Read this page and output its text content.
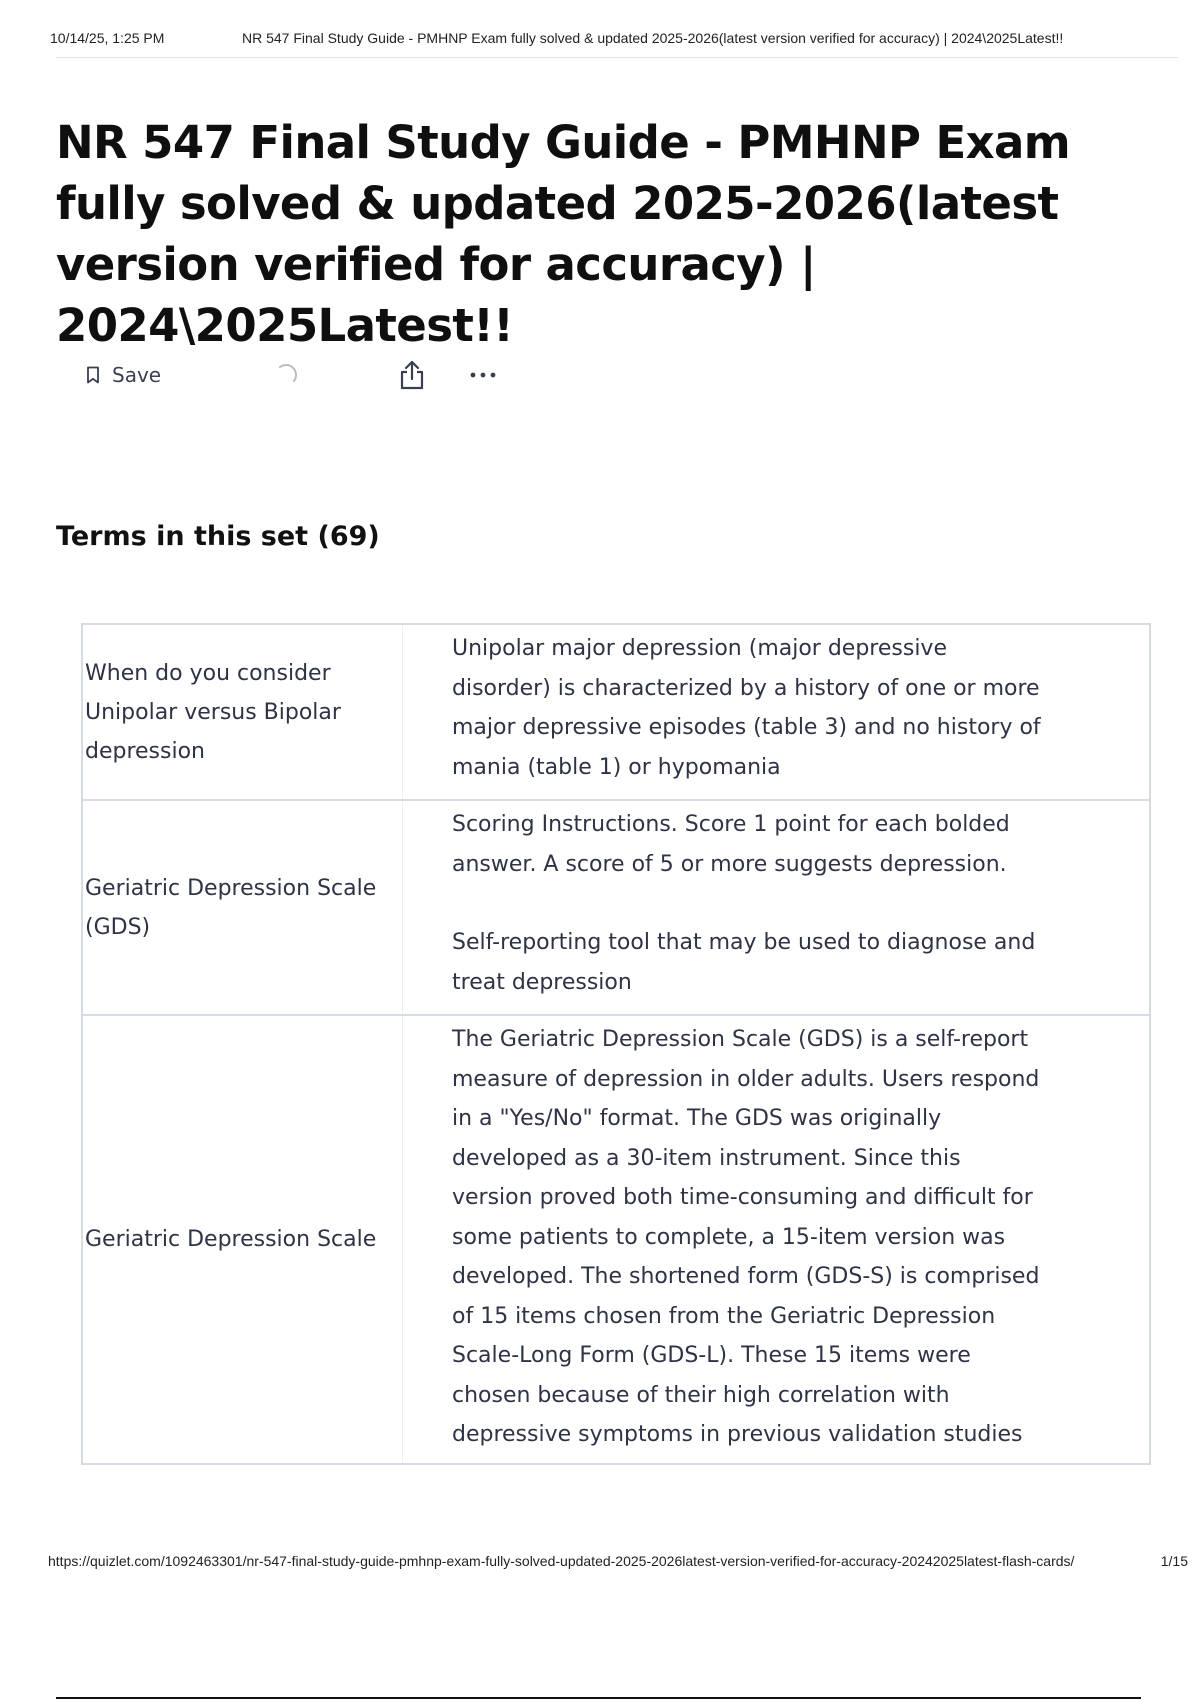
10/14/25, 1:25 PM	NR 547 Final Study Guide - PMHNP Exam fully solved & updated 2025-2026(latest version verified for accuracy) | 2024\2025Latest!!
NR 547 Final Study Guide - PMHNP Exam fully solved & updated 2025-2026(latest version verified for accuracy) | 2024\2025Latest!!
Save
Terms in this set (69)
When do you consider Unipolar versus Bipolar depression

Unipolar major depression (major depressive disorder) is characterized by a history of one or more major depressive episodes (table 3) and no history of mania (table 1) or hypomania

Geriatric Depression Scale (GDS)

Scoring Instructions. Score 1 point for each bolded answer. A score of 5 or more suggests depression.

Self-reporting tool that may be used to diagnose and treat depression

Geriatric Depression Scale

The Geriatric Depression Scale (GDS) is a self-report measure of depression in older adults. Users respond in a "Yes/No" format. The GDS was originally developed as a 30-item instrument. Since this version proved both time-consuming and difficult for some patients to complete, a 15-item version was developed. The shortened form (GDS-S) is comprised of 15 items chosen from the Geriatric Depression Scale-Long Form (GDS-L). These 15 items were chosen because of their high correlation with depressive symptoms in previous validation studies

https://quizlet.com/1092463301/nr-547-final-study-guide-pmhnp-exam-fully-solved-updated-2025-2026latest-version-verified-for-accuracy-20242025latest-flash-cards/	1/15
